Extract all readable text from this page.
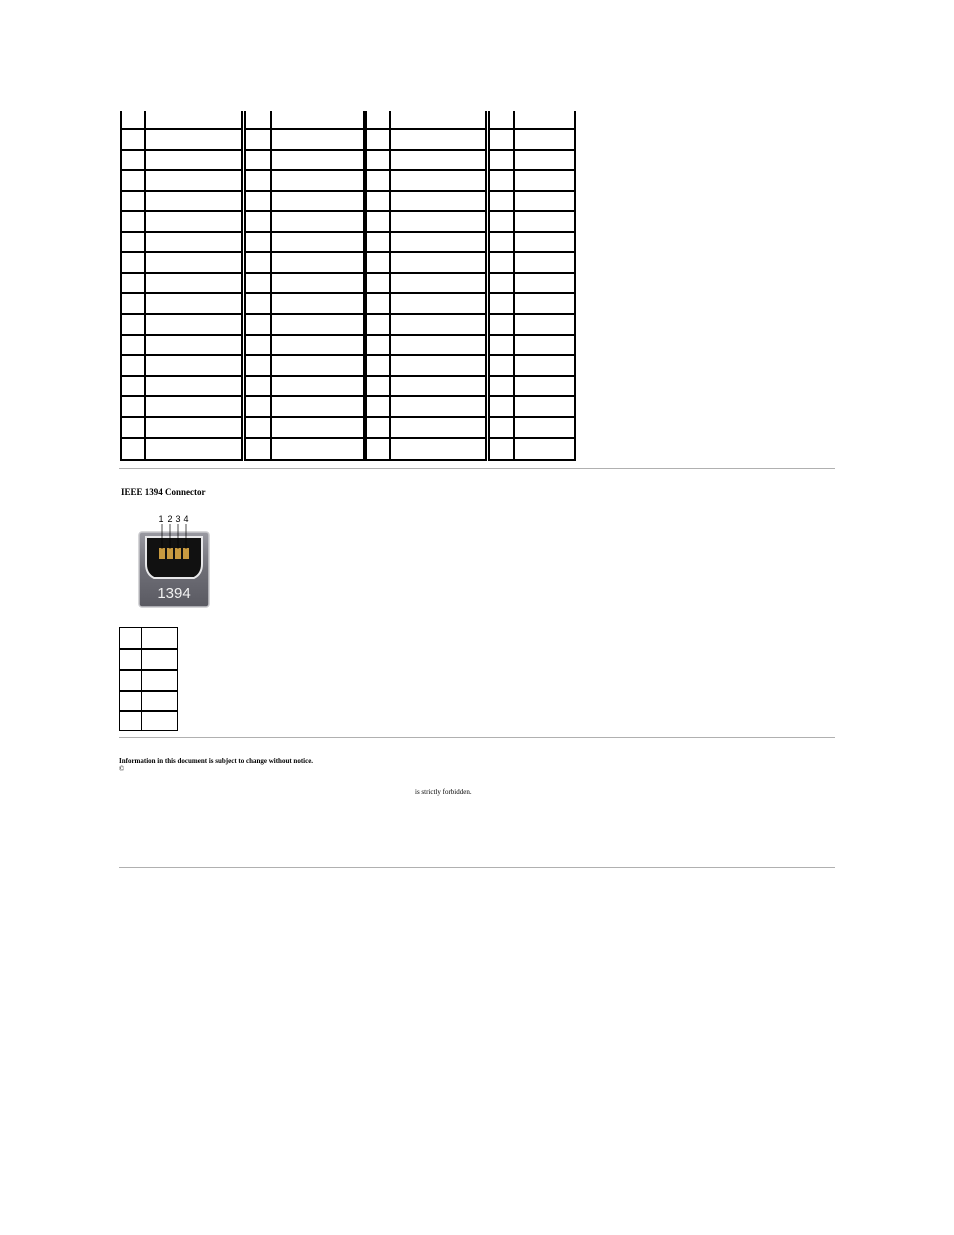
IEEE 1394 Connector
1 2 3 4
1394
Information in this document is subject to change without notice.
©
is strictly forbidden.
